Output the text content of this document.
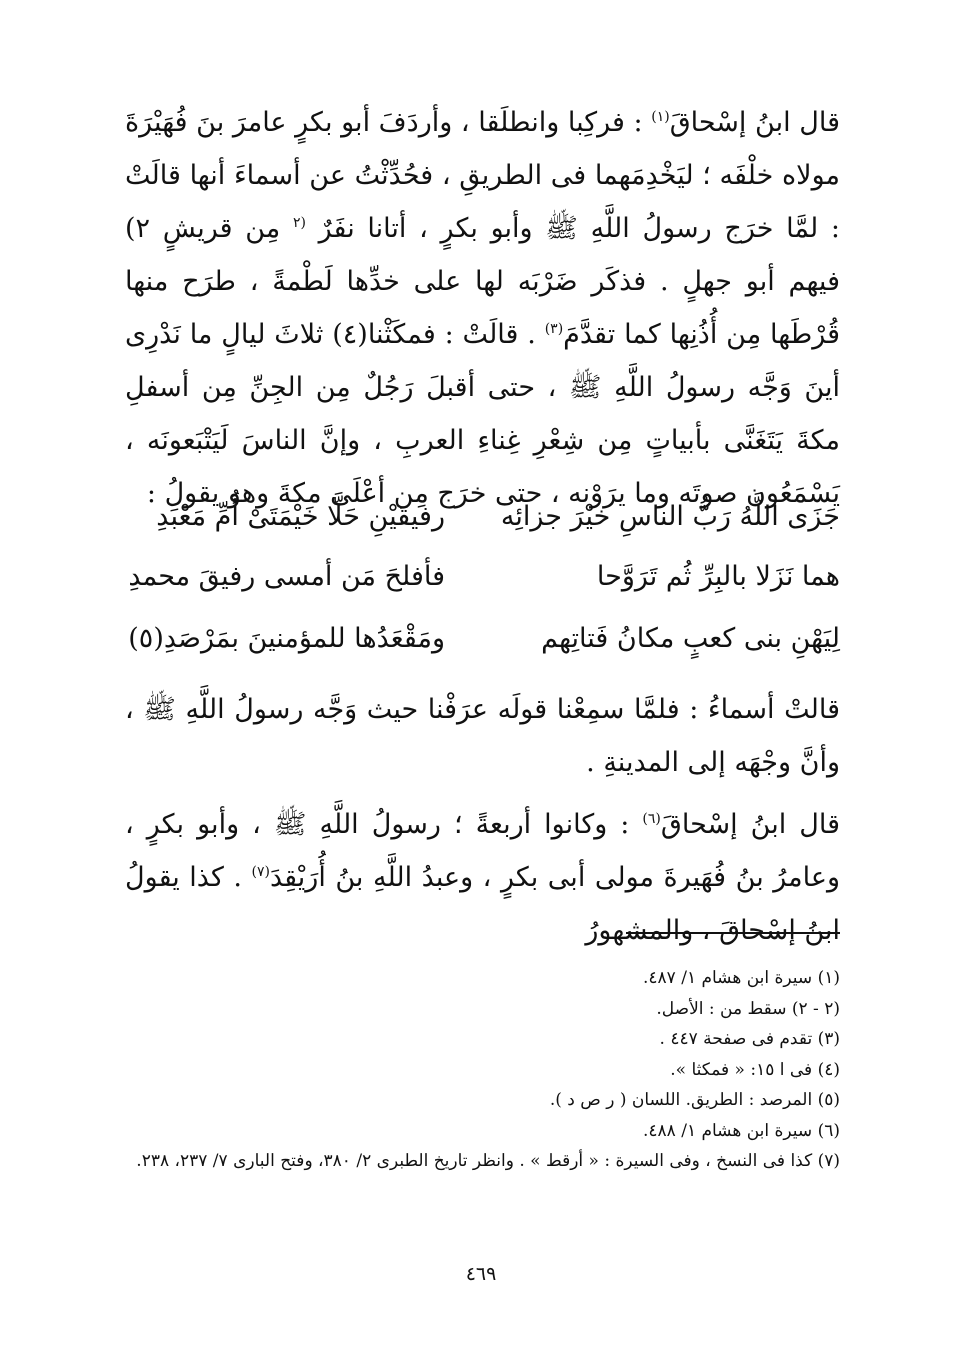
قال ابنُ إسْحاقَ$^{(١)}$ : فركِبا وانطلَقا ، وأردَفَ أبو بكرٍ عامرَ بنَ فُهَيْرَةَ مولاه خلْفَه ؛ ليَخْدِمَهما فى الطريقِ ، فحُدِّثْتُ عن أسماءَ أنها قالَتْ : لمَّا خرَج رسولُ اللَّهِ ﷺ وأبو بكرٍ ، أتانا نفَرٌ $^{(٢}$ مِن قريشٍ ٢) فيهم أبو جهلٍ . فذكَر ضَرْبَه لها على خدِّها لَطْمةً ، طرَح منها قُرْطَها مِن أُذُنِها كما تقدَّمَ$^{(٣)}$ . قالَتْ : فمكَثْنا(٤) ثلاثَ ليالٍ ما نَدْرِى أينَ وَجَّه رسولُ اللَّهِ ﷺ ، حتى أقبلَ رَجُلٌ مِن الجِنِّ مِن أسفلِ مكةَ يَتَغَنَّى بأبياتٍ مِن شِعْرِ غِناءِ العربِ ، وإنَّ الناسَ لَيَتْبَعونَه ، يَسْمَعُون صوتَه وما يرَوْنه ، حتى خرَج مِن أعْلَى مكةَ وهو يقولُ :

جَزَى اللَّهُ رَبُّ الناسِ خيْرَ جزائِه
رفيقَيْنِ حَلَّا خَيْمَتَىْ أُمِّ مَعْبَدِ
هما نَزَلا بالبِرِّ ثُم تَرَوَّحا
فأفلحَ مَن أمسى رفيقَ محمدِ
لِيَهْنِ بنى كعبٍ مكانُ فَتاتِهم
ومَقْعَدُها للمؤمنينَ بمَرْصَدِ(٥)

قالتْ أسماءُ : فلمَّا سمِعْنا قولَه عرَفْنا حيث وَجَّه رسولُ اللَّهِ ﷺ ، وأنَّ وجْهَه إلى المدينةِ .

قال ابنُ إسْحاقَ$^{(٦)}$ : وكانوا أربعةً ؛ رسولُ اللَّهِ ﷺ ، وأبو بكرٍ ، وعامرُ بنُ فُهَيرةَ مولى أبى بكرٍ ، وعبدُ اللَّهِ بنُ أُرَيْقِدَ$^{(٧)}$ . كذا يقولُ ابنُ إسْحاقَ ، والمشهورُ

(١) سيرة ابن هشام ١/ ٤٨٧.
(٢ - ٢) سقط من : الأصل.
(٣) تقدم فى صفحة ٤٤٧ .
(٤) فى ا ١٥: « فمكثا ».
(٥) المرصد : الطريق. اللسان ( ر ص د ).
(٦) سيرة ابن هشام ١/ ٤٨٨.
(٧) كذا فى النسخ ، وفى السيرة : « أرقط » . وانظر تاريخ الطبرى ٢/ ٣٨٠، وفتح البارى ٧/ ٢٣٧، ٢٣٨.
٤٦٩
